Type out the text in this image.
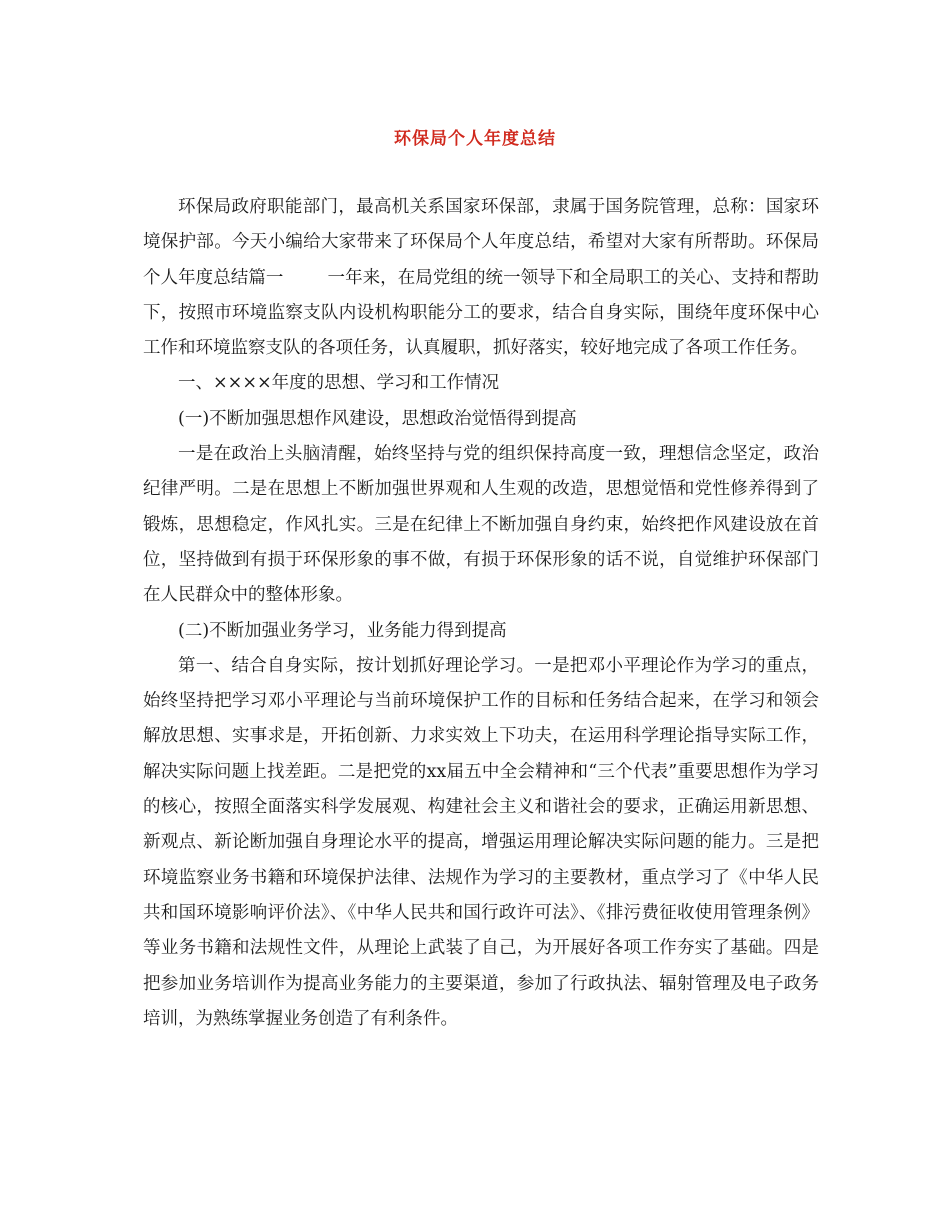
环保局个人年度总结

环保局政府职能部门，最高机关系国家环保部，隶属于国务院管理，总称：国家环境保护部。今天小编给大家带来了环保局个人年度总结，希望对大家有所帮助。环保局个人年度总结篇一	一年来，在局党组的统一领导下和全局职工的关心、支持和帮助下，按照市环境监察支队内设机构职能分工的要求，结合自身实际，围绕年度环保中心工作和环境监察支队的各项任务，认真履职，抓好落实，较好地完成了各项工作任务。

一、××××年度的思想、学习和工作情况

(一)不断加强思想作风建设，思想政治觉悟得到提高

一是在政治上头脑清醒，始终坚持与党的组织保持高度一致，理想信念坚定，政治纪律严明。二是在思想上不断加强世界观和人生观的改造，思想觉悟和党性修养得到了锻炼，思想稳定，作风扎实。三是在纪律上不断加强自身约束，始终把作风建设放在首位，坚持做到有损于环保形象的事不做，有损于环保形象的话不说，自觉维护环保部门在人民群众中的整体形象。

(二)不断加强业务学习，业务能力得到提高

第一、结合自身实际，按计划抓好理论学习。一是把邓小平理论作为学习的重点，始终坚持把学习邓小平理论与当前环境保护工作的目标和任务结合起来，在学习和领会解放思想、实事求是，开拓创新、力求实效上下功夫，在运用科学理论指导实际工作，解决实际问题上找差距。二是把党的xx届五中全会精神和“三个代表”重要思想作为学习的核心，按照全面落实科学发展观、构建社会主义和谐社会的要求，正确运用新思想、新观点、新论断加强自身理论水平的提高，增强运用理论解决实际问题的能力。三是把环境监察业务书籍和环境保护法律、法规作为学习的主要教材，重点学习了《中华人民共和国环境影响评价法》、《中华人民共和国行政许可法》、《排污费征收使用管理条例》等业务书籍和法规性文件，从理论上武装了自己，为开展好各项工作夯实了基础。四是把参加业务培训作为提高业务能力的主要渠道，参加了行政执法、辐射管理及电子政务培训，为熟练掌握业务创造了有利条件。
